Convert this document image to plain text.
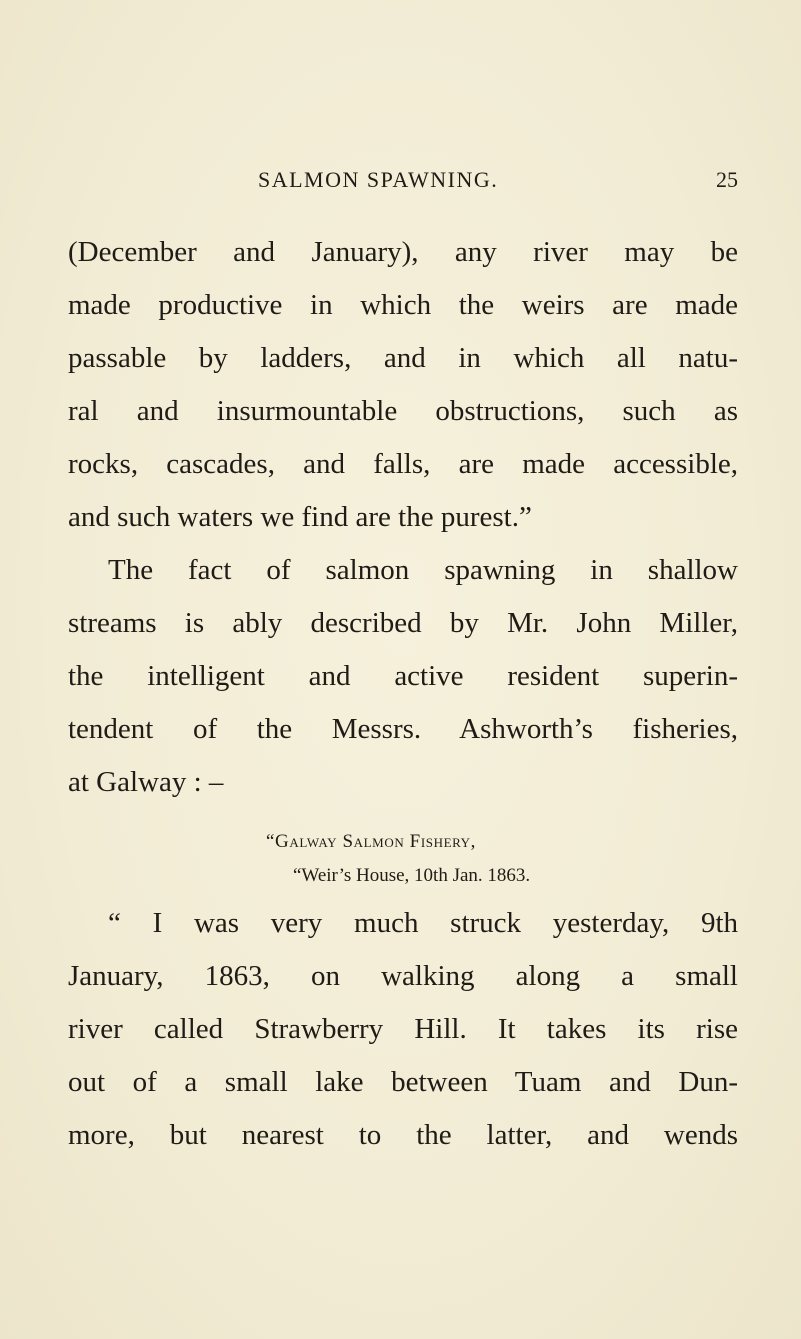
SALMON SPAWNING.	25
(December and January), any river may be
made productive in which the weirs are made
passable by ladders, and in which all natu-
ral and insurmountable obstructions, such as
rocks, cascades, and falls, are made accessible,
and such waters we find are the purest.”
The fact of salmon spawning in shallow
streams is ably described by Mr. John Miller,
the intelligent and active resident superin-
tendent of the Messrs. Ashworth’s fisheries,
at Galway : –
“Galway Salmon Fishery,
“Weir’s House, 10th Jan. 1863.
“ I was very much struck yesterday, 9th
January, 1863, on walking along a small
river called Strawberry Hill. It takes its rise
out of a small lake between Tuam and Dun-
more, but nearest to the latter, and wends
